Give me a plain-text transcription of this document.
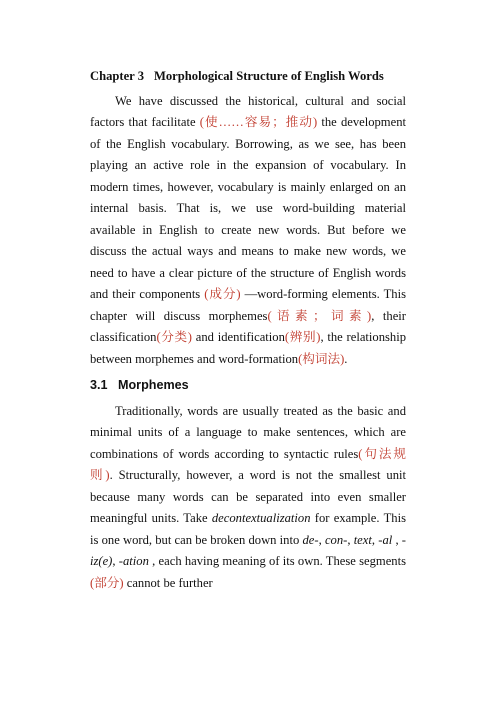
Chapter 3 Morphological Structure of English Words

We have discussed the historical, cultural and social factors that facilitate (使……容易；推动) the development of the English vocabulary. Borrowing, as we see, has been playing an active role in the expansion of vocabulary. In modern times, however, vocabulary is mainly enlarged on an internal basis. That is, we use word-building material available in English to create new words. But before we discuss the actual ways and means to make new words, we need to have a clear picture of the structure of English words and their components (成分) —word-forming elements. This chapter will discuss morphemes(语素；词素), their classification(分类) and identification(辨别), the relationship between morphemes and word-formation(构词法).

3.1 Morphemes

Traditionally, words are usually treated as the basic and minimal units of a language to make sentences, which are combinations of words according to syntactic rules(句法规则). Structurally, however, a word is not the smallest unit because many words can be separated into even smaller meaningful units. Take decontextualization for example. This is one word, but can be broken down into de-, con-, text, -al , -iz(e), -ation , each having meaning of its own. These segments (部分) cannot be further
